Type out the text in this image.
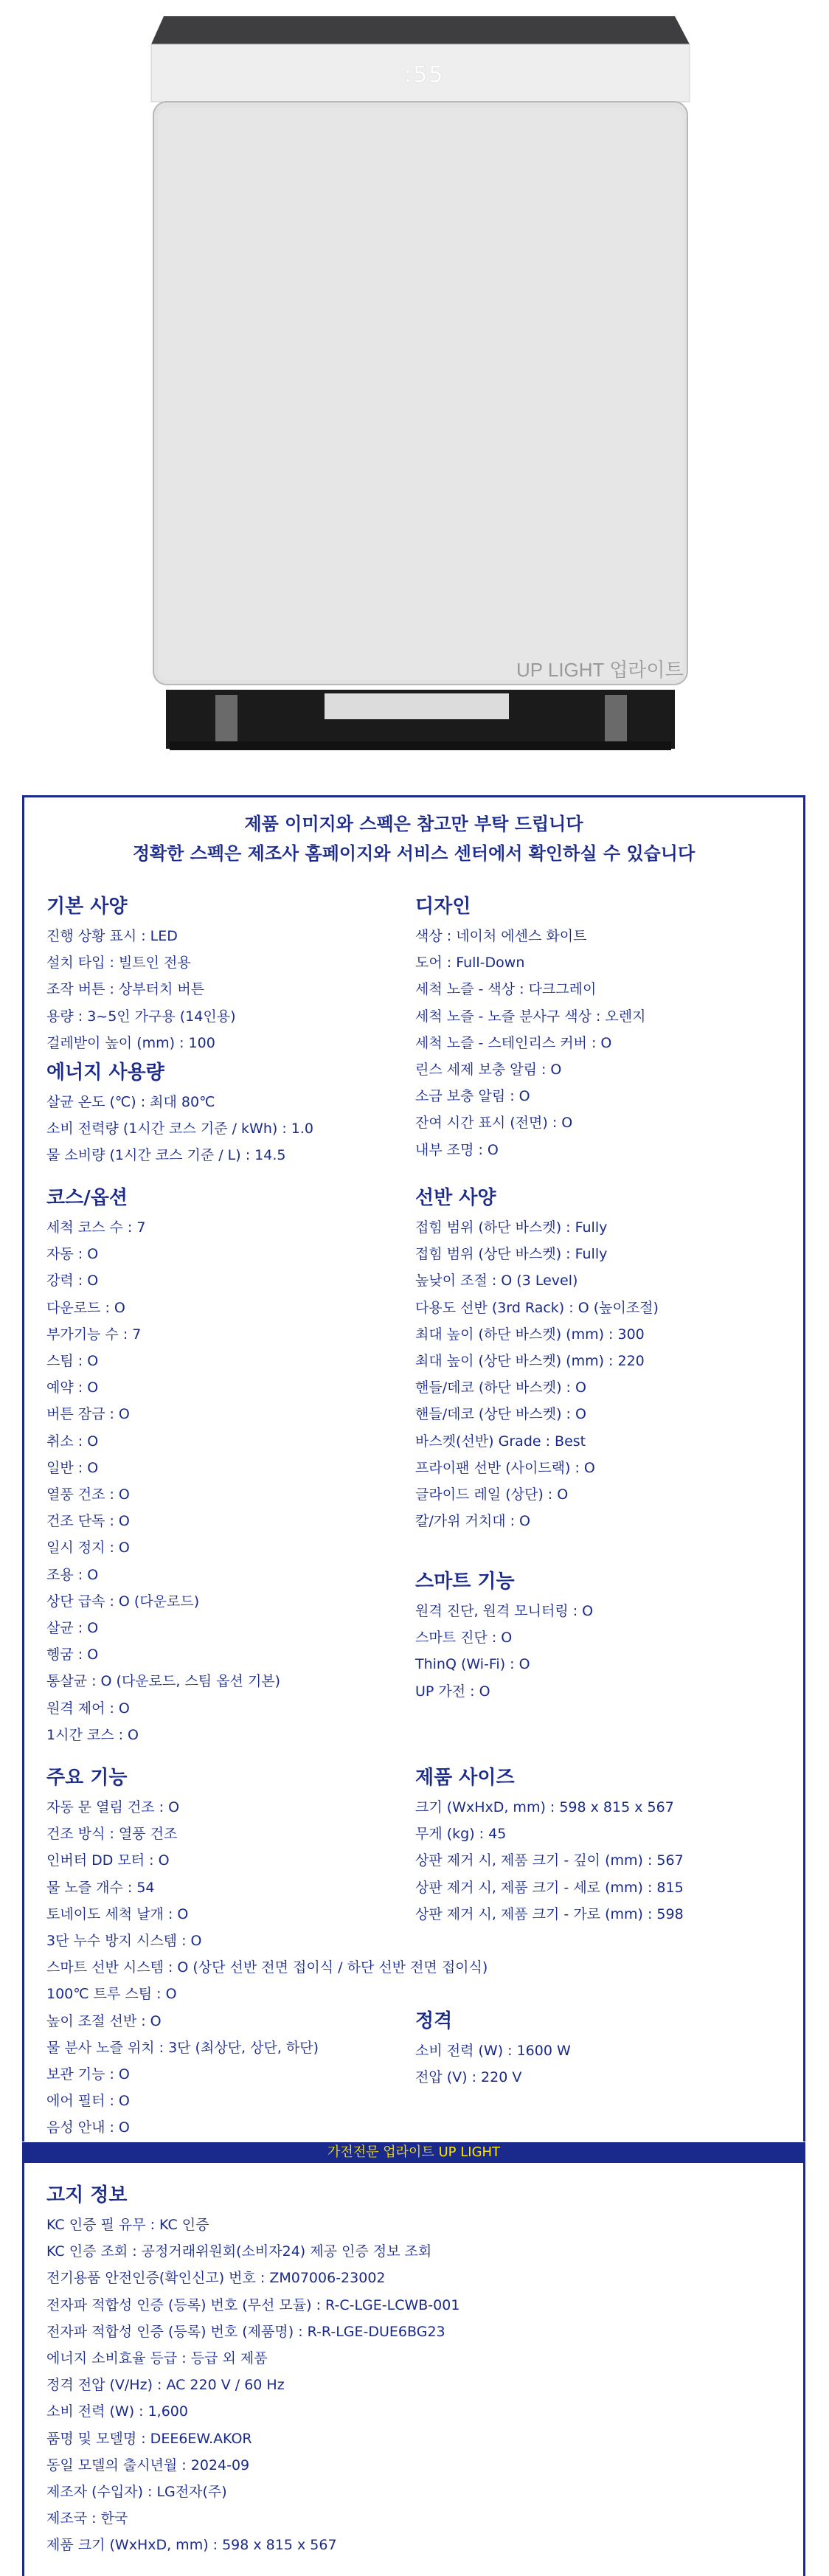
:55
UP LIGHT 업라이트
제품 이미지와 스펙은 참고만 부탁 드립니다
정확한 스펙은 제조사 홈페이지와 서비스 센터에서 확인하실 수 있습니다
기본 사양
진행 상황 표시 : LED
설치 타입 : 빌트인 전용
조작 버튼 : 상부터치 버튼
용량 : 3~5인 가구용 (14인용)
걸레받이 높이 (mm) : 100
에너지 사용량
살균 온도 (℃) : 최대 80℃
소비 전력량 (1시간 코스 기준 / kWh) : 1.0
물 소비량 (1시간 코스 기준 / L) : 14.5
디자인
색상 : 네이처 에센스 화이트
도어 : Full-Down
세척 노즐 - 색상 : 다크그레이
세척 노즐 - 노즐 분사구 색상 : 오렌지
세척 노즐 - 스테인리스 커버 : O
린스 세제 보충 알림 : O
소금 보충 알림 : O
잔여 시간 표시 (전면) : O
내부 조명 : O
코스/옵션
세척 코스 수 : 7
자동 : O
강력 : O
다운로드 : O
부가기능 수 : 7
스팀 : O
예약 : O
버튼 잠금 : O
취소 : O
일반 : O
열풍 건조 : O
건조 단독 : O
일시 정지 : O
조용 : O
상단 급속 : O (다운로드)
살균 : O
헹굼 : O
통살균 : O (다운로드, 스팀 옵션 기본)
원격 제어 : O
1시간 코스 : O
선반 사양
접힘 범위 (하단 바스켓) : Fully
접힘 범위 (상단 바스켓) : Fully
높낮이 조절 : O (3 Level)
다용도 선반 (3rd Rack) : O (높이조절)
최대 높이 (하단 바스켓) (mm) : 300
최대 높이 (상단 바스켓) (mm) : 220
핸들/데코 (하단 바스켓) : O
핸들/데코 (상단 바스켓) : O
바스켓(선반) Grade : Best
프라이팬 선반 (사이드랙) : O
글라이드 레일 (상단) : O
칼/가위 거치대 : O
스마트 기능
원격 진단, 원격 모니터링 : O
스마트 진단 : O
ThinQ (Wi-Fi) : O
UP 가전 : O
주요 기능
자동 문 열림 건조 : O
건조 방식 : 열풍 건조
인버터 DD 모터 : O
물 노즐 개수 : 54
토네이도 세척 날개 : O
3단 누수 방지 시스템 : O
스마트 선반 시스템 : O (상단 선반 전면 접이식 / 하단 선반 전면 접이식)
100℃ 트루 스팀 : O
높이 조절 선반 : O
물 분사 노즐 위치 : 3단 (최상단, 상단, 하단)
보관 기능 : O
에어 필터 : O
음성 안내 : O
제품 사이즈
크기 (WxHxD, mm) : 598 x 815 x 567
무게 (kg) : 45
상판 제거 시, 제품 크기 - 깊이 (mm) : 567
상판 제거 시, 제품 크기 - 세로 (mm) : 815
상판 제거 시, 제품 크기 - 가로 (mm) : 598
정격
소비 전력 (W) : 1600 W
전압 (V) : 220 V
가전전문 업라이트 UP LIGHT
고지 정보
KC 인증 필 유무 : KC 인증
KC 인증 조회 : 공정거래위원회(소비자24) 제공 인증 정보 조회
전기용품 안전인증(확인신고) 번호 : ZM07006-23002
전자파 적합성 인증 (등록) 번호 (무선 모듈) : R-C-LGE-LCWB-001
전자파 적합성 인증 (등록) 번호 (제품명) : R-R-LGE-DUE6BG23
에너지 소비효율 등급 : 등급 외 제품
정격 전압 (V/Hz) : AC 220 V / 60 Hz
소비 전력 (W) : 1,600
품명 및 모델명 : DEE6EW.AKOR
동일 모델의 출시년월 : 2024-09
제조자 (수입자) : LG전자(주)
제조국 : 한국
제품 크기 (WxHxD, mm) : 598 x 815 x 567
